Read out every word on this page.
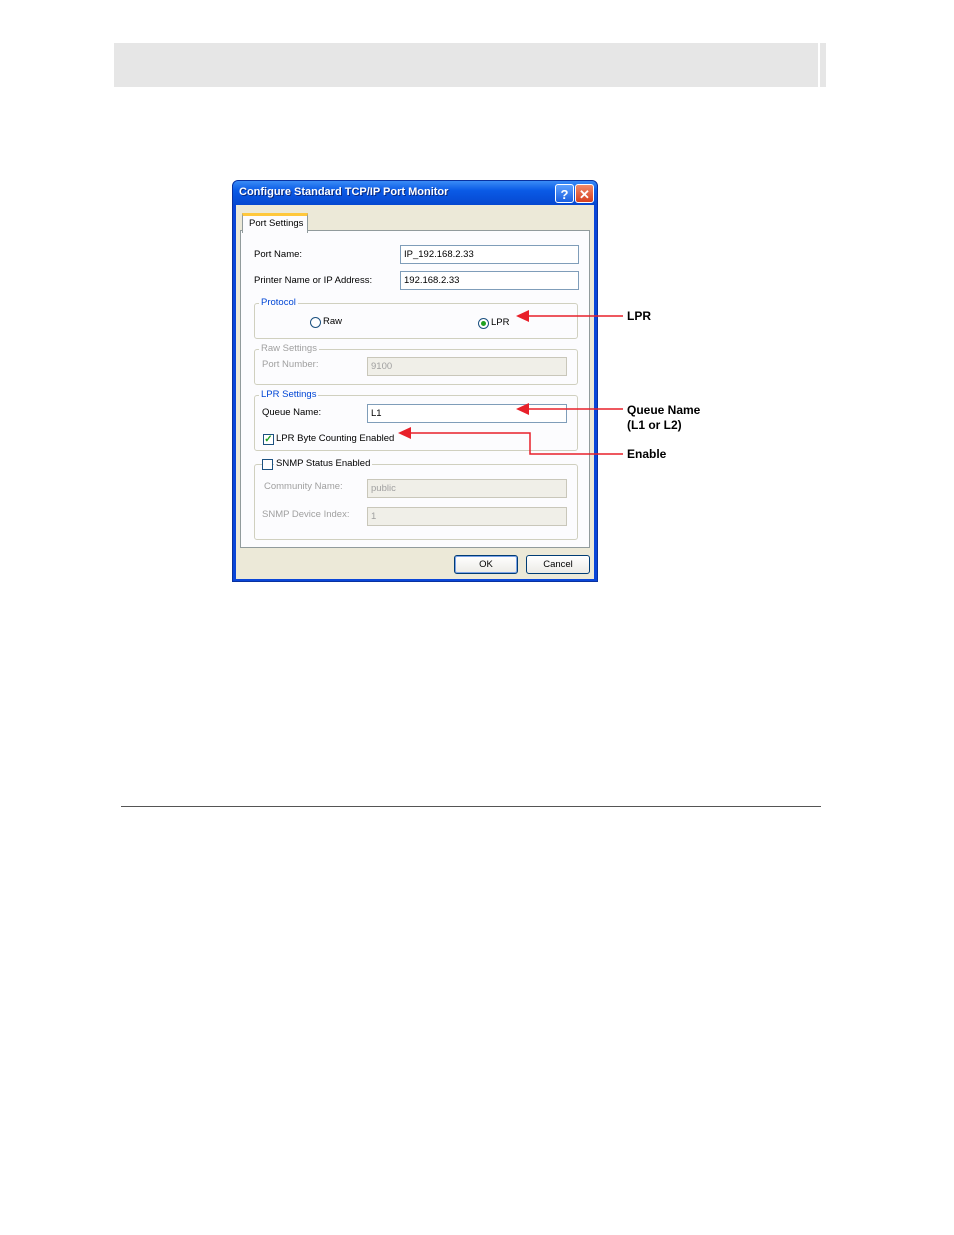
Configure Standard TCP/IP Port Monitor	? ✕
Port Settings
Port Name:	IP_192.168.2.33
Printer Name or IP Address:	192.168.2.33
Protocol
Raw	LPR
Raw Settings
Port Number:	9100
LPR Settings
Queue Name:	L1
✓ LPR Byte Counting Enabled
SNMP Status Enabled
Community Name:	public
SNMP Device Index:	1
OK	Cancel
LPR
Queue Name
(L1 or L2)
Enable
